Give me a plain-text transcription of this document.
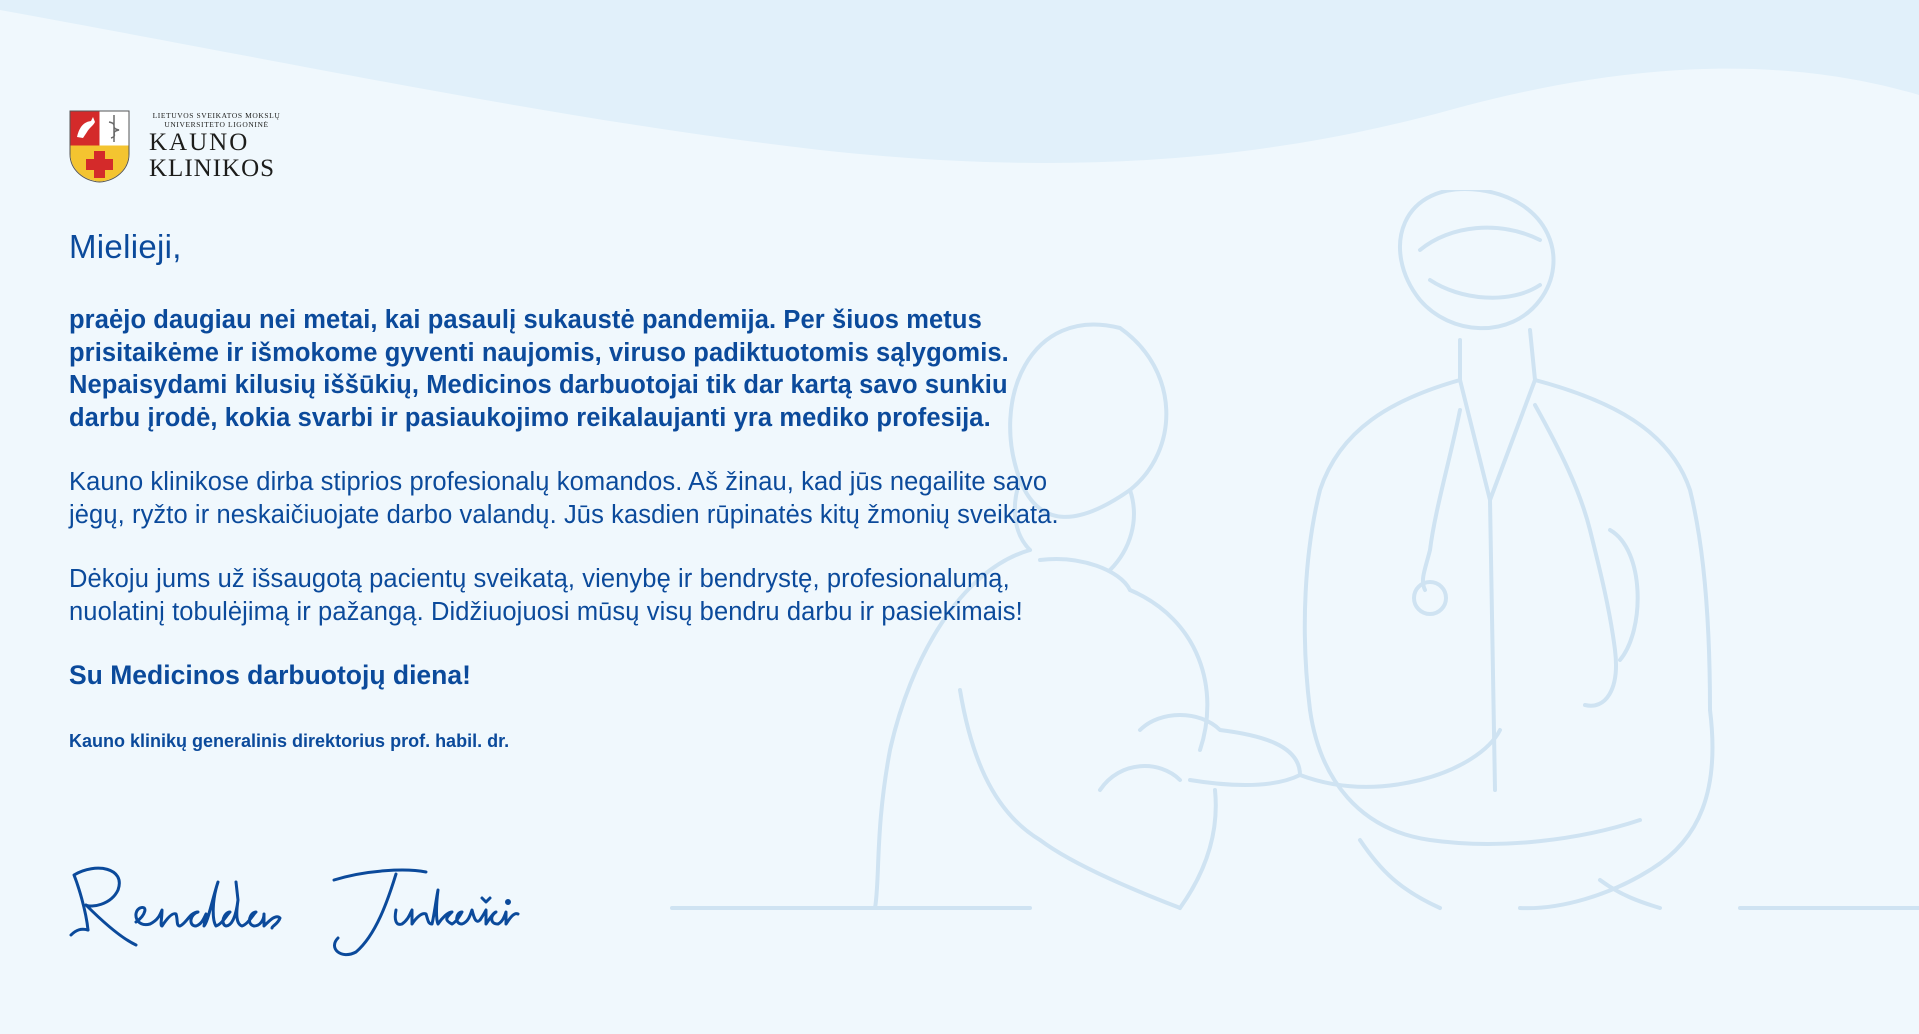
LIETUVOS SVEIKATOS MOKSLŲ
UNIVERSITETO LIGONINĖ
KAUNO
KLINIKOS

Mielieji,

praėjo daugiau nei metai, kai pasaulį sukaustė pandemija. Per šiuos metus prisitaikėme ir išmokome gyventi naujomis, viruso padiktuotomis sąlygomis. Nepaisydami kilusių iššūkių, Medicinos darbuotojai tik dar kartą savo sunkiu darbu įrodė, kokia svarbi ir pasiaukojimo reikalaujanti yra mediko profesija.

Kauno klinikose dirba stiprios profesionalų komandos. Aš žinau, kad jūs negailite savo jėgų, ryžto ir neskaičiuojate darbo valandų. Jūs kasdien rūpinatės kitų žmonių sveikata.

Dėkoju jums už išsaugotą pacientų sveikatą, vienybę ir bendrystę, profesionalumą, nuolatinį tobulėjimą ir pažangą. Didžiuojuosi mūsų visų bendru darbu ir pasiekimais!

Su Medicinos darbuotojų diena!

Kauno klinikų generalinis direktorius prof. habil. dr.
